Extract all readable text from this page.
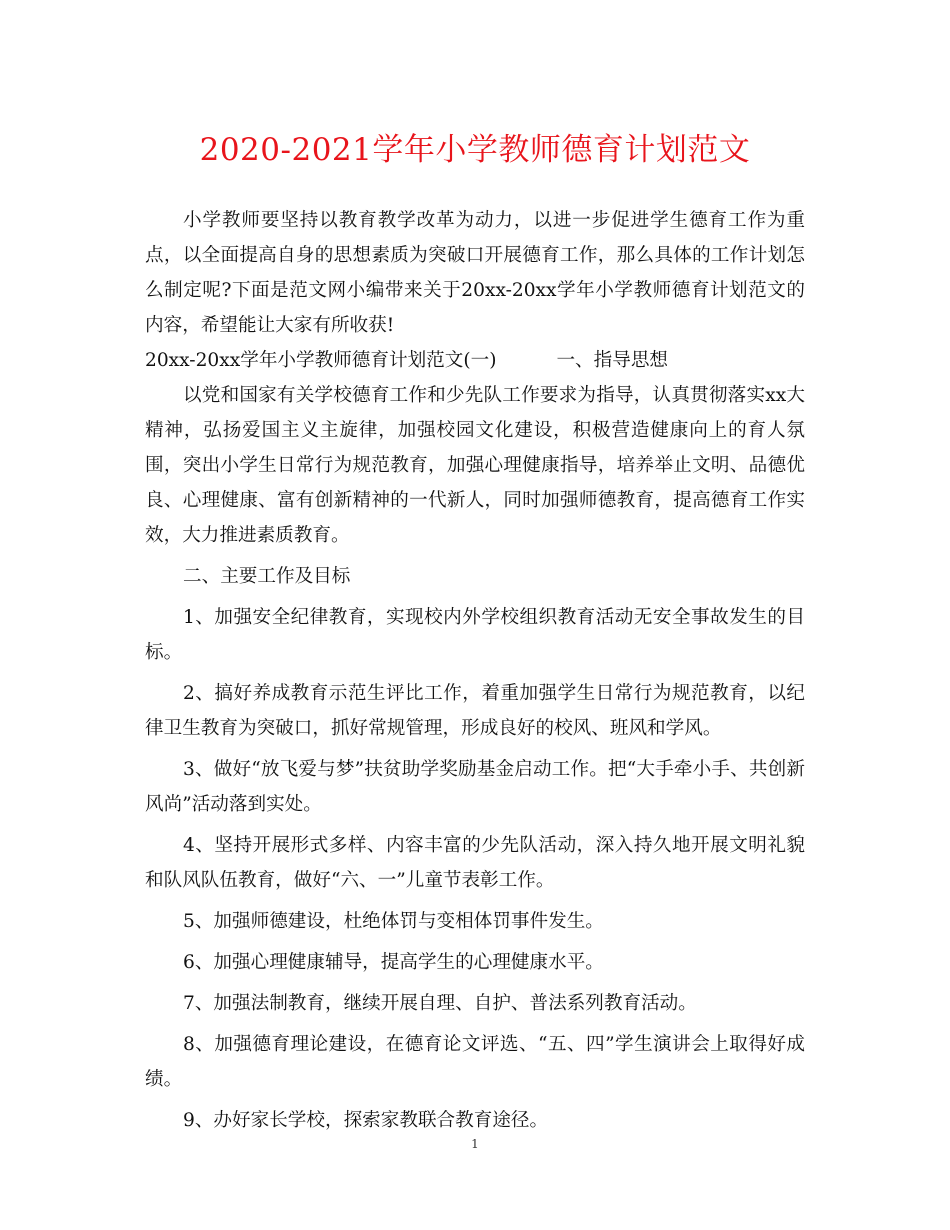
2020-2021学年小学教师德育计划范文

小学教师要坚持以教育教学改革为动力，以进一步促进学生德育工作为重点，以全面提高自身的思想素质为突破口开展德育工作，那么具体的工作计划怎么制定呢?下面是范文网小编带来关于20xx-20xx学年小学教师德育计划范文的内容，希望能让大家有所收获!

20xx-20xx学年小学教师德育计划范文(一)	一、指导思想

以党和国家有关学校德育工作和少先队工作要求为指导，认真贯彻落实xx大精神，弘扬爱国主义主旋律，加强校园文化建设，积极营造健康向上的育人氛围，突出小学生日常行为规范教育，加强心理健康指导，培养举止文明、品德优良、心理健康、富有创新精神的一代新人，同时加强师德教育，提高德育工作实效，大力推进素质教育。

二、主要工作及目标

1、加强安全纪律教育，实现校内外学校组织教育活动无安全事故发生的目标。

2、搞好养成教育示范生评比工作，着重加强学生日常行为规范教育，以纪律卫生教育为突破口，抓好常规管理，形成良好的校风、班风和学风。

3、做好“放飞爱与梦”扶贫助学奖励基金启动工作。把“大手牵小手、共创新风尚”活动落到实处。

4、坚持开展形式多样、内容丰富的少先队活动，深入持久地开展文明礼貌和队风队伍教育，做好“六、一”儿童节表彰工作。

5、加强师德建设，杜绝体罚与变相体罚事件发生。

6、加强心理健康辅导，提高学生的心理健康水平。

7、加强法制教育，继续开展自理、自护、普法系列教育活动。

8、加强德育理论建设，在德育论文评选、“五、四”学生演讲会上取得好成绩。

9、办好家长学校，探索家教联合教育途径。

1
